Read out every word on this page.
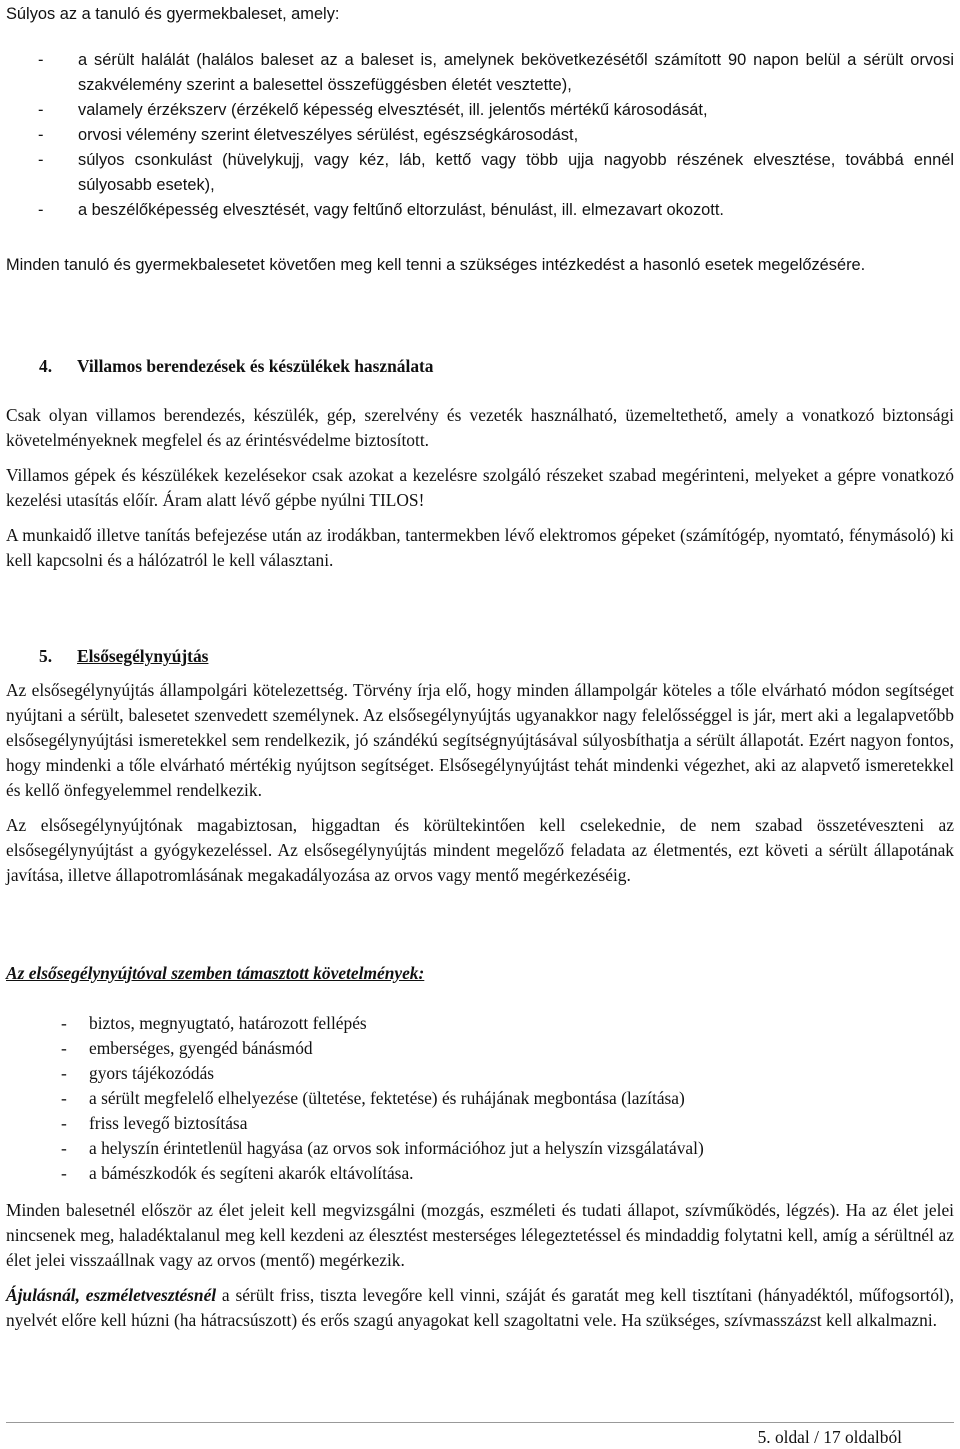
Súlyos az a tanuló és gyermekbaleset, amely:

- a sérült halálát (halálos baleset az a baleset is, amelynek bekövetkezésétől számított 90 napon belül a sérült orvosi szakvélemény szerint a balesettel összefüggésben életét vesztette),
- valamely érzékszerv (érzékelő képesség elvesztését, ill. jelentős mértékű károsodását,
- orvosi vélemény szerint életveszélyes sérülést, egészségkárosodást,
- súlyos csonkulást (hüvelykujj, vagy kéz, láb, kettő vagy több ujja nagyobb részének elvesztése, továbbá ennél súlyosabb esetek),
- a beszélőképesség elvesztését, vagy feltűnő eltorzulást, bénulást, ill. elmezavart okozott.

Minden tanuló és gyermekbalesetet követően meg kell tenni a szükséges intézkedést a hasonló esetek megelőzésére.

4. Villamos berendezések és készülékek használata

Csak olyan villamos berendezés, készülék, gép, szerelvény és vezeték használható, üzemeltethető, amely a vonatkozó biztonsági követelményeknek megfelel és az érintésvédelme biztosított.

Villamos gépek és készülékek kezelésekor csak azokat a kezelésre szolgáló részeket szabad megérinteni, melyeket a gépre vonatkozó kezelési utasítás előír. Áram alatt lévő gépbe nyúlni TILOS!

A munkaidő illetve tanítás befejezése után az irodákban, tantermekben lévő elektromos gépeket (számítógép, nyomtató, fénymásoló) ki kell kapcsolni és a hálózatról le kell választani.

5. Elsősegélynyújtás

Az elsősegélynyújtás állampolgári kötelezettség. Törvény írja elő, hogy minden állampolgár köteles a tőle elvárható módon segítséget nyújtani a sérült, balesetet szenvedett személynek. Az elsősegélynyújtás ugyanakkor nagy felelősséggel is jár, mert aki a legalapvetőbb elsősegélynyújtási ismeretekkel sem rendelkezik, jó szándékú segítségnyújtásával súlyosbíthatja a sérült állapotát. Ezért nagyon fontos, hogy mindenki a tőle elvárható mértékig nyújtson segítséget. Elsősegélynyújtást tehát mindenki végezhet, aki az alapvető ismeretekkel és kellő önfegyelemmel rendelkezik.

Az elsősegélynyújtónak magabiztosan, higgadtan és körültekintően kell cselekednie, de nem szabad összetéveszteni az elsősegélynyújtást a gyógykezeléssel. Az elsősegélynyújtás mindent megelőző feladata az életmentés, ezt követi a sérült állapotának javítása, illetve állapotromlásának megakadályozása az orvos vagy mentő megérkezéséig.

Az elsősegélynyújtóval szemben támasztott követelmények:
- biztos, megnyugtató, határozott fellépés
- emberséges, gyengéd bánásmód
- gyors tájékozódás
- a sérült megfelelő elhelyezése (ültetése, fektetése) és ruhájának megbontása (lazítása)
- friss levegő biztosítása
- a helyszín érintetlenül hagyása (az orvos sok információhoz jut a helyszín vizsgálatával)
- a bámészkodók és segíteni akarók eltávolítása.

Minden balesetnél először az élet jeleit kell megvizsgálni (mozgás, eszméleti és tudati állapot, szívműködés, légzés). Ha az élet jelei nincsenek meg, haladéktalanul meg kell kezdeni az élesztést mesterséges lélegeztetéssel és mindaddig folytatni kell, amíg a sérültnél az élet jelei visszaállnak vagy az orvos (mentő) megérkezik.

Ájulásnál, eszméletvesztésnél a sérült friss, tiszta levegőre kell vinni, száját és garatát meg kell tisztítani (hányadéktól, műfogsortól), nyelvét előre kell húzni (ha hátracsúszott) és erős szagú anyagokat kell szagoltatni vele. Ha szükséges, szívmasszázst kell alkalmazni.

5. oldal / 17 oldalból
